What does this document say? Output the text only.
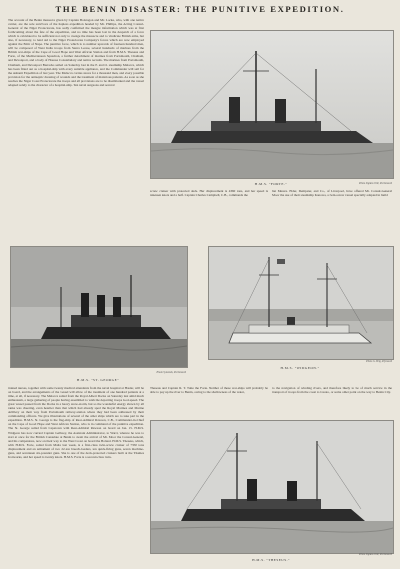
THE BENIN DISASTER: THE PUNITIVE EXPEDITION.
The account of the Benin massacre given by Captain Boisragon and Mr. Locke, who, with one native carrier, are the sole survivors of the hapless expedition headed by Mr. Phillips, the Acting Consul-General of the Niger Protectorate, has sadly confirmed the meagre information which was at first forthcoming about the fate of the expedition, and no time has been lost in the despatch of a force which is calculated to be sufficient not only to avenge the massacre and to vindicate British arms, but also, if necessary, to lend aid to the Niger Protectorate Company's forces which are now employed against the Emir of Nupe. The punitive force, which is to number upwards of fourteen hundred men, will be composed of West India troops from Sierra Leone, several hundreds of marines from the British war-ships of the Cape of Good Hope and West African Station and from H.M.S. Theseus and Forte, of the Mediterranean Squadron, a further detachment of marines from Portsmouth, Chatham, and Devonport, and a body of Houssa Constabulary and native recruits. The marines from Portsmouth, Chatham, and Devonport Barracks sailed on Saturday last in the P. and O. steamship Malacca, which has been fitted out as a hospital-ship with every suitable appliance, and the Commander will sail for the Ashanti Expedition of last year. The Malacca carries stores for a thousand men, and every possible provision for the antiseptic dressing of wounds and the treatment of malarious patients. As soon as she reaches the Niger Coast Protectorate the troops and all provisions are to be disembarked and the vessel adapted solely to the character of a hospital-ship. Ten naval surgeons and several
H.M.S. "FORTE."	Photo Sigidus Ollé, Portsmouth
screw cruiser with protected deck. Her displacement is 4360 tons, and her speed is nineteen knots and a half. Captain Charles Campbell, C.B., commands the
but Messrs. Elder, Dempster, and Co., of Liverpool, have offered Mr. Consul-General Moor the use of their steamship Kanowa, a twin-screw vessel specially adapted in build
H.M.S. "ST. GEORGE"
Photo Symonds, Portsmouth
H.M.S. "WIDGEON."
Photo G. Brig, Plymouth
trained nurses, together with some twenty medical attendants from the naval hospital at Haslar, will be on board, and the arrangements of the vessel will allow of the treatment of one hundred patients at a time, at all, if necessary. The Malacca sailed from the Royal Albert Docks on Saturday last amid much enthusiasm, a large gathering of people having assembled to wish the departing troops God-speed. The great vessel passed from the Docks in a heavy snow-storm, but so the wonderful energy shown by all ranks was cheering, even heartier than that which had already sped the Royal Marines and Marine Artillery on their way from Portsmouth railway-station where they had been addressed by their commanding officers. We give illustrations of several of the other ships which are to take part in the expedition. H.M.S. St. George is the flag-ship of Rear-Admiral Rawson, C.B., Commander-in-Chief on the Cape of Good Hope and West African Station, who is in command of the punitive expedition. The St. George sailed from Capetown with Rear-Admiral Rawson on board on Jan. 15. H.M.S. Widgeon has now carried Captain Gallwey, the Assistant Administrator, to Warri, whence he was to start at once for the British Consulate at Benin to await the arrival of Mr. Moor the Consul-General, and his companions, now on their way to the West Coast on board the Boland. H.M.S. Theseus, which, with H.M.S. Forte, sailed from Malta last week, is a first-class twin-screw cruiser of 7350 tons displacement and an armament of two 22-ton breech-loaders, ten quick-firing guns, seven machine-guns, and seventeen six-pounder guns. She is one of the deck-protected cruisers built at the Thames Ironworks, and her speed is twenty knots. H.M.S. Forte is a second-class twin-
Theseus and Captain R. T. Tuite the Forte. Neither of these war-ships will probably be able to pay up the river to Benin, owing to the shallowness of the water,
to the navigation of winding rivers, and therefore likely to be of much service in the transport of troops from the coast to Gwato, or some other point on the way to Benin City.
H.M.S. "THESEUS."
Photo Sigidus Ollé, Portsmouth
